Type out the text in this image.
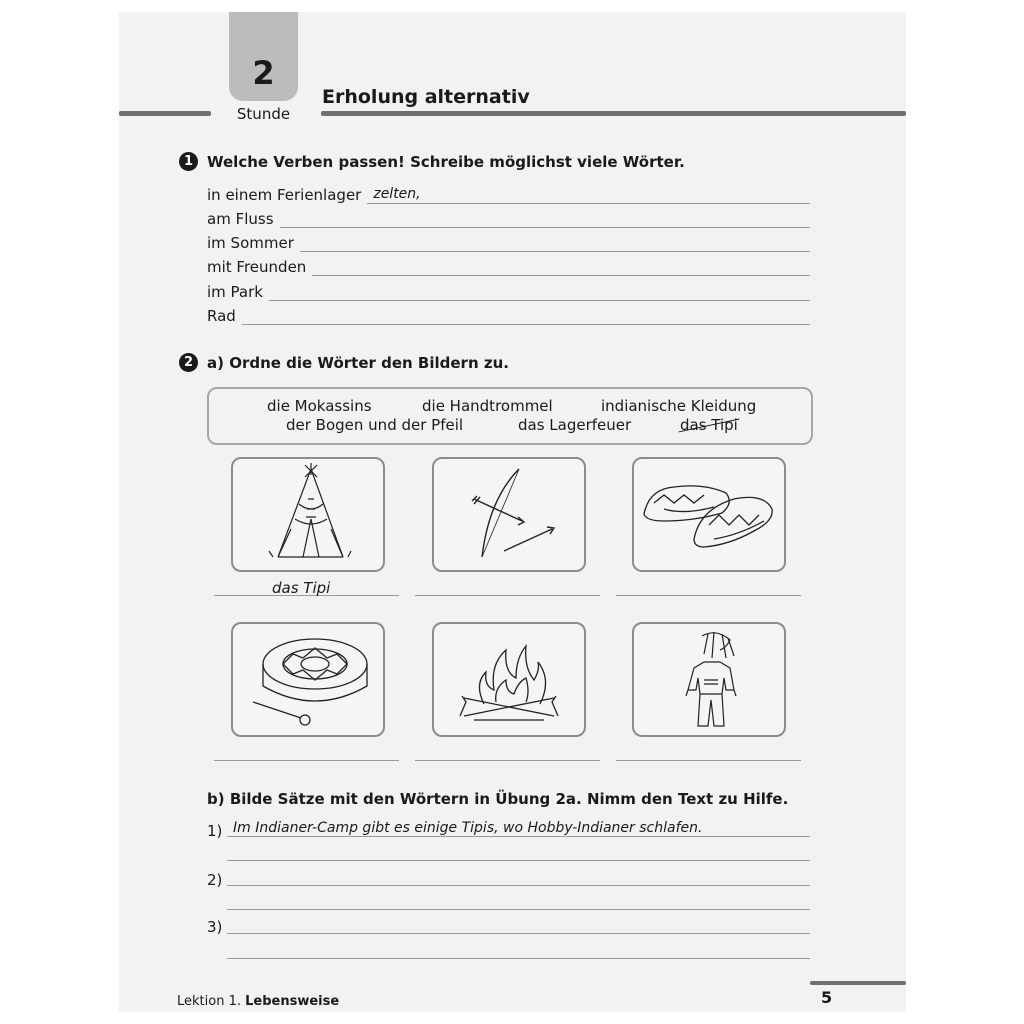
2
Stunde
Erholung alternativ
1 Welche Verben passen! Schreibe möglichst viele Wörter.
in einem Ferienlager zelten,
am Fluss
im Sommer
mit Freunden
im Park
Rad
2 a) Ordne die Wörter den Bildern zu.
die Mokassins	die Handtrommel	indianische Kleidung
der Bogen und der Pfeil	das Lagerfeuer	das Tipi
das Tipi
b) Bilde Sätze mit den Wörtern in Übung 2a. Nimm den Text zu Hilfe.
1) Im Indianer-Camp gibt es einige Tipis, wo Hobby-Indianer schlafen.
2)
3)
Lektion 1. Lebensweise	5
